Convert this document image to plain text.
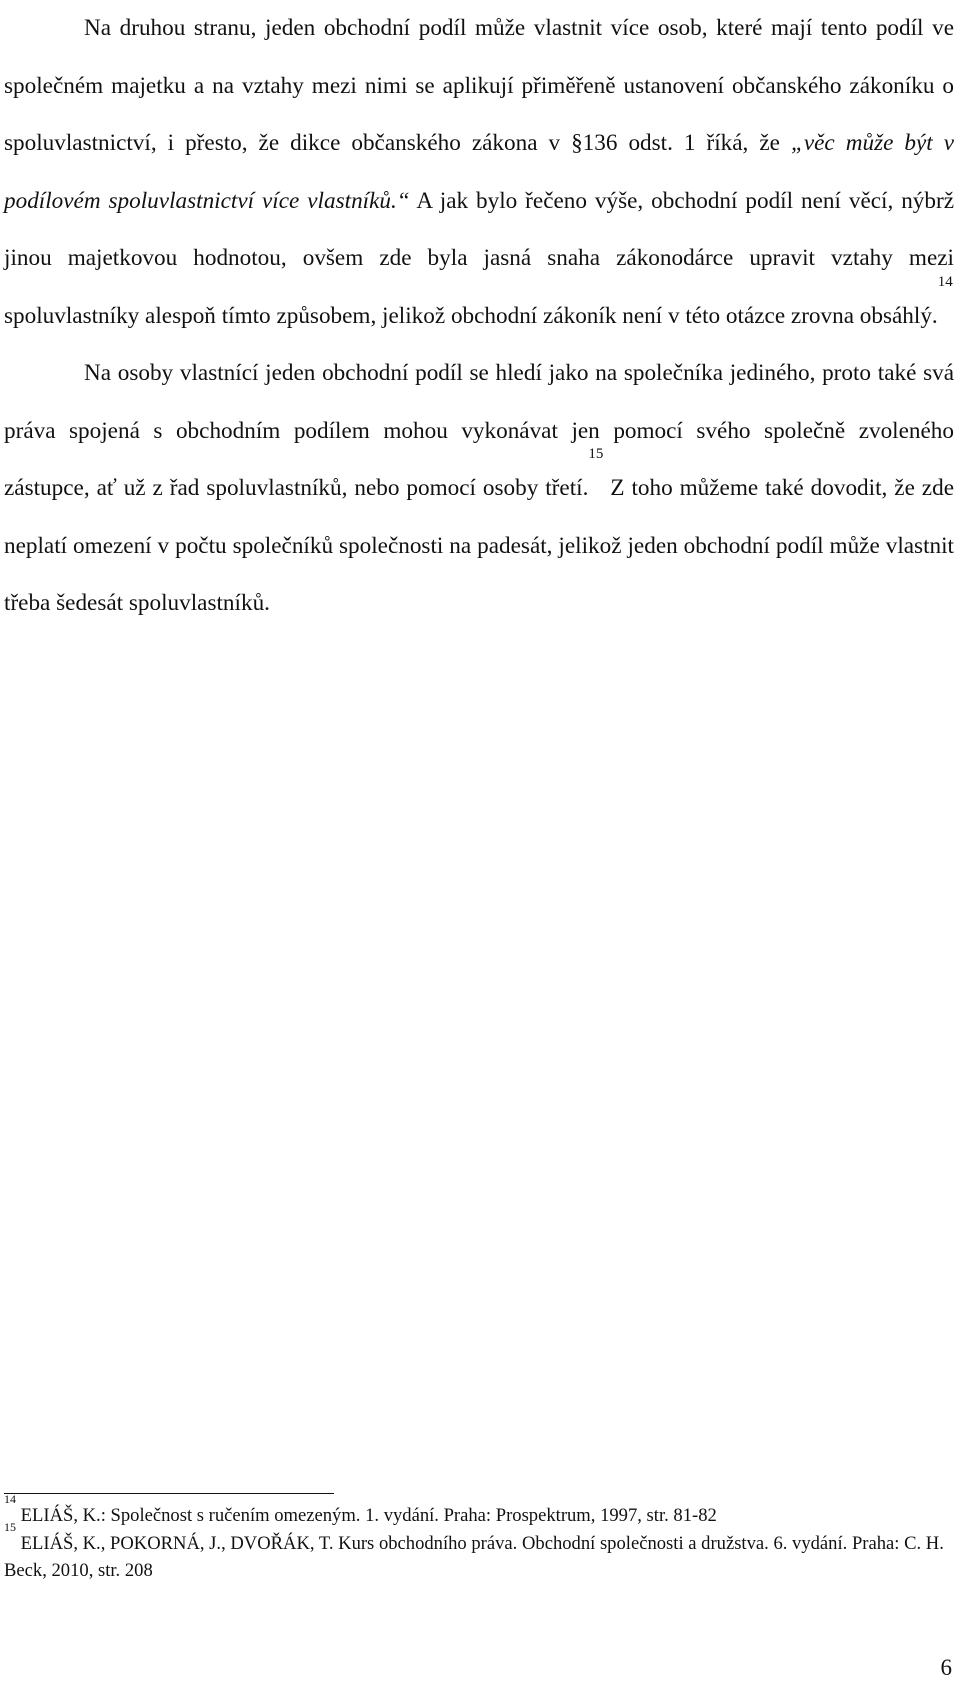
Na druhou stranu, jeden obchodní podíl může vlastnit více osob, které mají tento podíl ve společném majetku a na vztahy mezi nimi se aplikují přiměřeně ustanovení občanského zákoníku o spoluvlastnictví, i přesto, že dikce občanského zákona v §136 odst. 1 říká, že „věc může být v podílovém spoluvlastnictví více vlastníků.“ A jak bylo řečeno výše, obchodní podíl není věcí, nýbrž jinou majetkovou hodnotou, ovšem zde byla jasná snaha zákonodárce upravit vztahy mezi spoluvlastníky alespoň tímto způsobem, jelikož obchodní zákoník není v této otázce zrovna obsáhlý.$^{14}$

Na osoby vlastnící jeden obchodní podíl se hledí jako na společníka jediného, proto také svá práva spojená s obchodním podílem mohou vykonávat jen pomocí svého společně zvoleného zástupce, ať už z řad spoluvlastníků, nebo pomocí osoby třetí.$^{15}$ Z toho můžeme také dovodit, že zde neplatí omezení v počtu společníků společnosti na padesát, jelikož jeden obchodní podíl může vlastnit třeba šedesát spoluvlastníků.

$^{14}$ ELIÁŠ, K.: Společnost s ručením omezeným. 1. vydání. Praha: Prospektrum, 1997, str. 81-82

$^{15}$ ELIÁŠ, K., POKORNÁ, J., DVOŘÁK, T. Kurs obchodního práva. Obchodní společnosti a družstva. 6. vydání. Praha: C. H. Beck, 2010, str. 208

6
